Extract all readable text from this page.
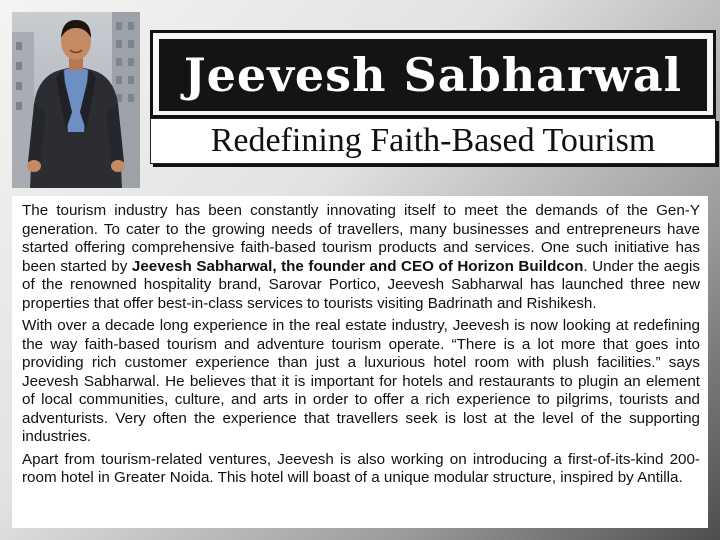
Jeevesh Sabharwal
Redefining Faith-Based Tourism

The tourism industry has been constantly innovating itself to meet the demands of the Gen-Y generation. To cater to the growing needs of travellers, many businesses and entrepreneurs have started offering comprehensive faith-based tourism products and services. One such initiative has been started by Jeevesh Sabharwal, the founder and CEO of Horizon Buildcon. Under the aegis of the renowned hospitality brand, Sarovar Portico, Jeevesh Sabharwal has launched three new properties that offer best-in-class services to tourists visiting Badrinath and Rishikesh.

With over a decade long experience in the real estate industry, Jeevesh is now looking at redefining the way faith-based tourism and adventure tourism operate. “There is a lot more that goes into providing rich customer experience than just a luxurious hotel room with plush facilities.” says Jeevesh Sabharwal. He believes that it is important for hotels and restaurants to plugin an element of local communities, culture, and arts in order to offer a rich experience to pilgrims, tourists and adventurists. Very often the experience that travellers seek is lost at the level of the supporting industries.

Apart from tourism-related ventures, Jeevesh is also working on introducing a first-of-its-kind 200-room hotel in Greater Noida. This hotel will boast of a unique modular structure, inspired by Antilla.
